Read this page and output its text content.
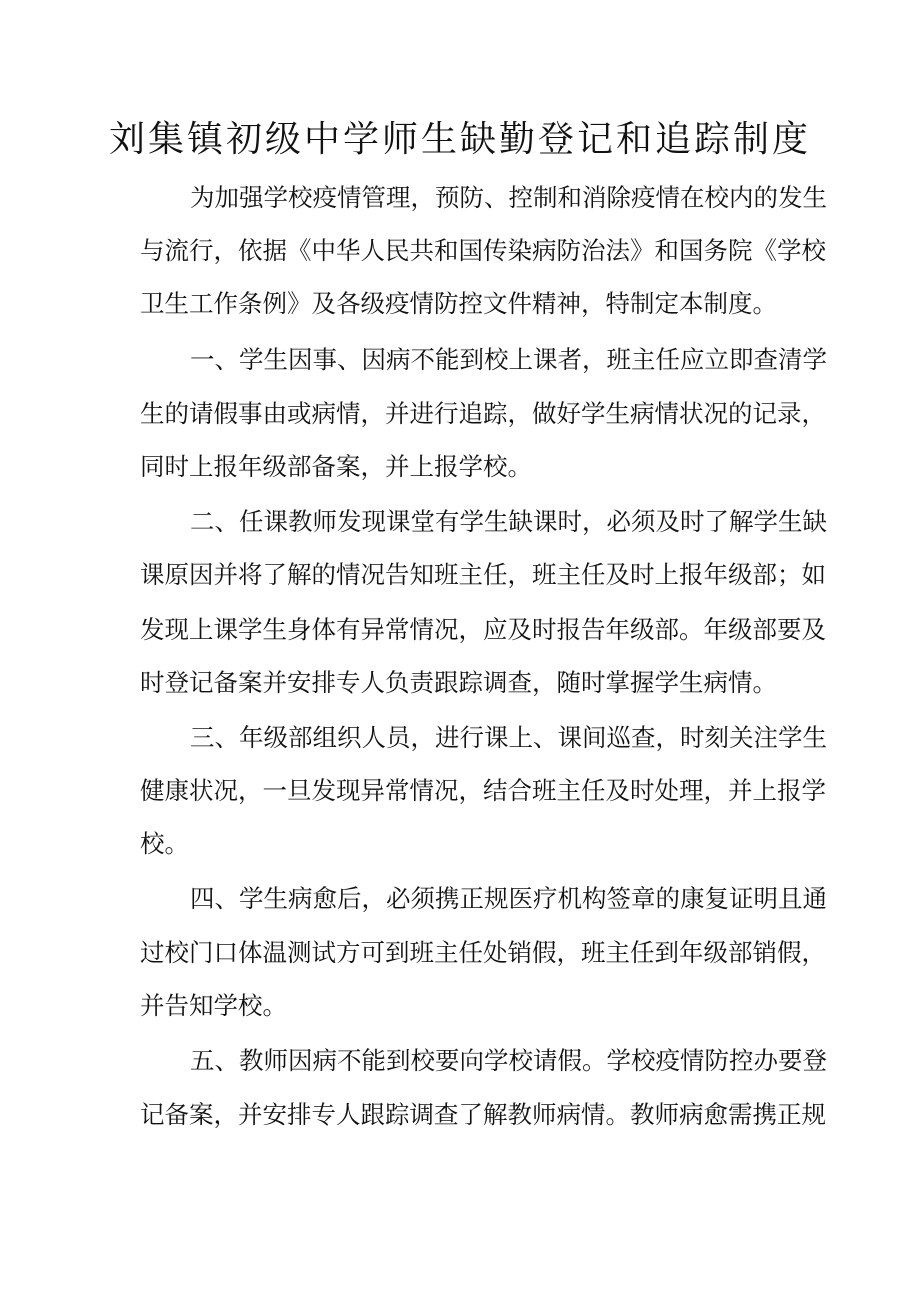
刘集镇初级中学师生缺勤登记和追踪制度

为加强学校疫情管理，预防、控制和消除疫情在校内的发生

与流行，依据《中华人民共和国传染病防治法》和国务院《学校

卫生工作条例》及各级疫情防控文件精神，特制定本制度。

一、学生因事、因病不能到校上课者，班主任应立即查清学

生的请假事由或病情，并进行追踪，做好学生病情状况的记录，

同时上报年级部备案，并上报学校。

二、任课教师发现课堂有学生缺课时，必须及时了解学生缺

课原因并将了解的情况告知班主任，班主任及时上报年级部；如

发现上课学生身体有异常情况，应及时报告年级部。年级部要及

时登记备案并安排专人负责跟踪调查，随时掌握学生病情。

三、年级部组织人员，进行课上、课间巡查，时刻关注学生

健康状况，一旦发现异常情况，结合班主任及时处理，并上报学

校。

四、学生病愈后，必须携正规医疗机构签章的康复证明且通

过校门口体温测试方可到班主任处销假，班主任到年级部销假，

并告知学校。

五、教师因病不能到校要向学校请假。学校疫情防控办要登

记备案，并安排专人跟踪调查了解教师病情。教师病愈需携正规
